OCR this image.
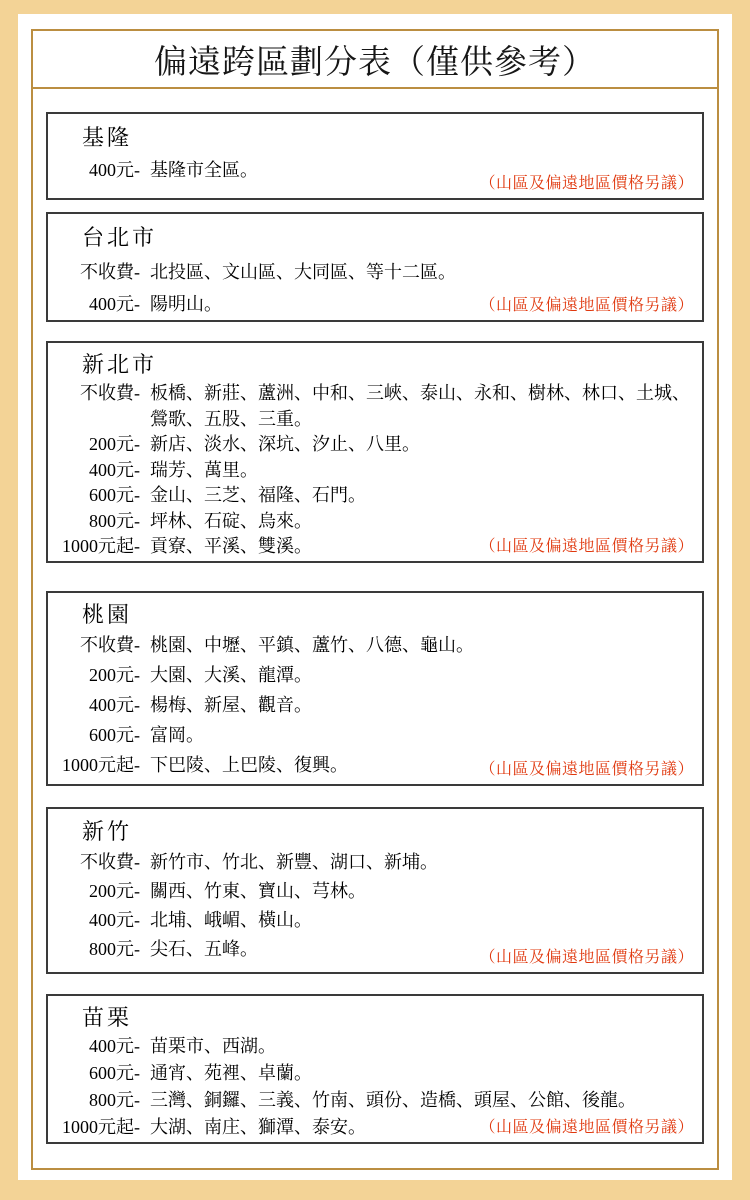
偏遠跨區劃分表（僅供參考）
基隆
400元- 基隆市全區。
（山區及偏遠地區價格另議）
台北市
不收費- 北投區、文山區、大同區、等十二區。
400元- 陽明山。	（山區及偏遠地區價格另議）
新北市
不收費- 板橋、新莊、蘆洲、中和、三峽、泰山、永和、樹林、林口、土城、鶯歌、五股、三重。
200元- 新店、淡水、深坑、汐止、八里。
400元- 瑞芳、萬里。
600元- 金山、三芝、福隆、石門。
800元- 坪林、石碇、烏來。
1000元起- 貢寮、平溪、雙溪。	（山區及偏遠地區價格另議）
桃園
不收費- 桃園、中壢、平鎮、蘆竹、八德、龜山。
200元- 大園、大溪、龍潭。
400元- 楊梅、新屋、觀音。
600元- 富岡。
1000元起- 下巴陵、上巴陵、復興。	（山區及偏遠地區價格另議）
新竹
不收費- 新竹市、竹北、新豐、湖口、新埔。
200元- 關西、竹東、寶山、芎林。
400元- 北埔、峨嵋、橫山。
800元- 尖石、五峰。	（山區及偏遠地區價格另議）
苗栗
400元- 苗栗市、西湖。
600元- 通宵、苑裡、卓蘭。
800元- 三灣、銅鑼、三義、竹南、頭份、造橋、頭屋、公館、後龍。
1000元起- 大湖、南庄、獅潭、泰安。	（山區及偏遠地區價格另議）
